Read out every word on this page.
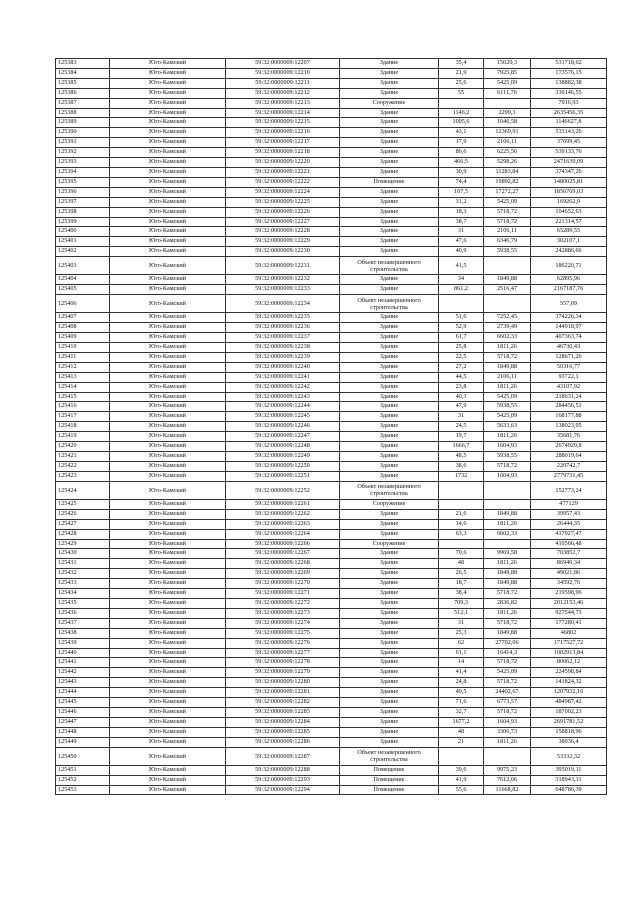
125383	Юго-Камский	59:32:0000009:12207	Здание	35,4	15020,3	531718,62
125384	Юго-Камский	59:32:0000009:12210	Здание	21,9	7925,85	173576,15
125385	Юго-Камский	59:32:0000009:12211	Здание	25,6	5425,09	138882,38
125386	Юго-Камский	59:32:0000009:12212	Здание	55	6111,76	336146,55
125387	Юго-Камский	59:32:0000009:12213	Сооружение			7916,93
125388	Юго-Камский	59:32:0000009:12214	Здание	1146,2	2299,3	2635456,35
125389	Юго-Камский	59:32:0000009:12215	Здание	1095,6	1046,58	1146627,8
125390	Юго-Камский	59:32:0000009:12216	Здание	43,1	12369,91	533143,26
125391	Юго-Камский	59:32:0000009:12217	Здание	17,9	2106,11	37699,45
125392	Юго-Камский	59:32:0000009:12218	Здание	86,6	6225,56	539133,76
125393	Юго-Камский	59:32:0000009:12220	Здание	466,5	5298,26	2471639,09
125394	Юго-Камский	59:32:0000009:12221	Здание	30,9	11283,84	374347,26
125395	Юго-Камский	59:32:0000009:12222	Помещение	74,4	19892,82	1480025,81
125396	Юго-Камский	59:32:0000009:12224	Здание	107,5	17272,27	1856769,03
125397	Юго-Камский	59:32:0000009:12225	Здание	31,2	5425,09	169262,9
125398	Юго-Камский	59:32:0000009:12226	Здание	18,3	5718,72	104652,63
125399	Юго-Камский	59:32:0000009:12227	Здание	38,7	5718,72	221314,57
125400	Юго-Камский	59:32:0000009:12228	Здание	31	2106,11	65289,55
125401	Юго-Камский	59:32:0000009:12229	Здание	47,6	6346,79	302107,1
125402	Юго-Камский	59:32:0000009:12230	Здание	40,9	5938,55	242886,66
125403	Юго-Камский	59:32:0000009:12231	Объект незавершенного строительства	41,5		186220,71
125404	Юго-Камский	59:32:0000009:12232	Здание	34	1849,88	62895,96
125405	Юго-Камский	59:32:0000009:12233	Здание	861,2	2516,47	2167187,76
125406	Юго-Камский	59:32:0000009:12234	Объект незавершенного строительства			557,09
125407	Юго-Камский	59:32:0000009:12235	Здание	51,6	7252,45	374226,34
125408	Юго-Камский	59:32:0000009:12236	Здание	52,9	2739,49	144918,97
125409	Юго-Камский	59:32:0000009:12237	Здание	61,7	6602,33	407363,74
125410	Юго-Камский	59:32:0000009:12238	Здание	25,8	1811,26	46730,43
125411	Юго-Камский	59:32:0000009:12239	Здание	22,5	5718,72	128671,26
125412	Юго-Камский	59:32:0000009:12240	Здание	27,2	1849,88	50316,77
125413	Юго-Камский	59:32:0000009:12241	Здание	44,5	2106,11	93722,1
125414	Юго-Камский	59:32:0000009:12242	Здание	23,8	1811,26	43107,92
125415	Юго-Камский	59:32:0000009:12243	Здание	40,3	5425,09	218631,24
125416	Юго-Камский	59:32:0000009:12244	Здание	47,9	5938,55	284456,51
125417	Юго-Камский	59:32:0000009:12245	Здание	31	5425,09	168177,88
125418	Юго-Камский	59:32:0000009:12246	Здание	24,5	5633,63	138023,95
125419	Юго-Камский	59:32:0000009:12247	Здание	19,7	1811,26	35681,76
125420	Юго-Камский	59:32:0000009:12248	Здание	1666,7	1604,93	2674929,8
125421	Юго-Камский	59:32:0000009:12249	Здание	48,5	5938,55	288019,64
125422	Юго-Камский	59:32:0000009:12250	Здание	38,6	5718,72	220742,7
125423	Юго-Камский	59:32:0000009:12251	Здание	1732	1604,93	2779731,45
125424	Юго-Камский	59:32:0000009:12252	Объект незавершенного строительства			152773,24
125425	Юго-Камский	59:32:0000009:12261	Сооружение			477129
125426	Юго-Камский	59:32:0000009:12262	Здание	21,6	1849,88	39957,43
125427	Юго-Камский	59:32:0000009:12263	Здание	14,6	1811,26	26444,35
125428	Юго-Камский	59:32:0000009:12264	Здание	63,3	6602,33	417927,47
125429	Юго-Камский	59:32:0000009:12266	Сооружение			410566,48
125430	Юго-Камский	59:32:0000009:12267	Здание	70,6	9969,58	703852,7
125431	Юго-Камский	59:32:0000009:12268	Здание	48	1811,26	86940,34
125432	Юго-Камский	59:32:0000009:12269	Здание	26,5	1849,88	49021,86
125433	Юго-Камский	59:32:0000009:12270	Здание	18,7	1849,88	34592,76
125434	Юго-Камский	59:32:0000009:12271	Здание	38,4	5718,72	219598,96
125435	Юго-Камский	59:32:0000009:12272	Здание	709,3	2836,82	2012153,46
125436	Юго-Камский	59:32:0000009:12273	Здание	512,1	1811,26	927544,73
125437	Юго-Камский	59:32:0000009:12274	Здание	31	5718,72	177280,41
125438	Юго-Камский	59:32:0000009:12275	Здание	25,3	1849,88	46802
125439	Юго-Камский	59:32:0000009:12276	Здание	62	27702,06	1717527,72
125440	Юго-Камский	59:32:0000009:12277	Здание	61,1	16414,3	1002913,84
125441	Юго-Камский	59:32:0000009:12278	Здание	14	5718,72	80062,12
125442	Юго-Камский	59:32:0000009:12279	Здание	41,4	5425,09	224598,84
125443	Юго-Камский	59:32:0000009:12280	Здание	24,8	5718,72	141824,32
125444	Юго-Камский	59:32:0000009:12281	Здание	49,5	24402,67	1207932,16
125445	Юго-Камский	59:32:0000009:12282	Здание	71,6	6773,57	484987,42
125446	Юго-Камский	59:32:0000009:12283	Здание	32,7	5718,72	187002,23
125447	Юго-Камский	59:32:0000009:12284	Здание	1677,2	1604,93	2691781,52
125448	Юго-Камский	59:32:0000009:12285	Здание	48	3306,73	158818,96
125449	Юго-Камский	59:32:0000009:12286	Здание	21	1811,26	38036,4
125450	Юго-Камский	59:32:0000009:12287	Объект незавершенного строительства			53332,32
125451	Юго-Камский	59:32:0000009:12288	Помещение	39,6	9975,23	395019,11
125452	Юго-Камский	59:32:0000009:12293	Помещение	41,9	7612,06	318943,31
125453	Юго-Камский	59:32:0000009:12294	Помещение	55,6	11668,82	648786,39
